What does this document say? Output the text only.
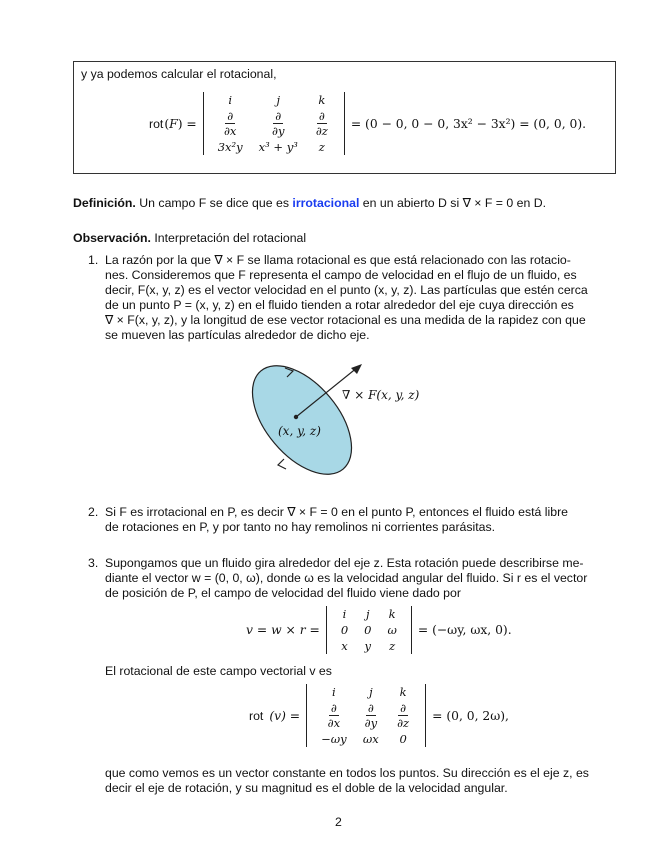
y ya podemos calcular el rotacional,
rot (F) =
i	j	k

$\frac{\partial}{\partial x}$	$\frac{\partial}{\partial y}$	$\frac{\partial}{\partial z}$

3x²y	x³ + y³	z
= (0 − 0, 0 − 0, 3x² − 3x²) = (0, 0, 0).
Definición. Un campo F se dice que es irrotacional en un abierto D si ∇ × F = 0 en D.
Observación. Interpretación del rotacional
1. La razón por la que ∇ × F se llama rotacional es que está relacionado con las rotacio-
nes. Consideremos que F representa el campo de velocidad en el flujo de un fluido, es
decir, F(x, y, z) es el vector velocidad en el punto (x, y, z). Las partículas que estén cerca
de un punto P = (x, y, z) en el fluido tienden a rotar alrededor del eje cuya dirección es
∇ × F(x, y, z), y la longitud de ese vector rotacional es una medida de la rapidez con que
se mueven las partículas alrededor de dicho eje.
∇ × F(x, y, z)
(x, y, z)
2. Si F es irrotacional en P, es decir ∇ × F = 0 en el punto P, entonces el fluido está libre
de rotaciones en P, y por tanto no hay remolinos ni corrientes parásitas.
3. Supongamos que un fluido gira alrededor del eje z. Esta rotación puede describirse me-
diante el vector w = (0, 0, ω), donde ω es la velocidad angular del fluido. Si r es el vector
de posición de P, el campo de velocidad del fluido viene dado por
v = w × r =
i	j	k
0	0	ω
x	y	z
= (−ωy, ωx, 0).
El rotacional de este campo vectorial v es
rot (v) =
i	j	k

$\frac{\partial}{\partial x}$	$\frac{\partial}{\partial y}$	$\frac{\partial}{\partial z}$

−ωy	ωx	0
= (0, 0, 2ω),
que como vemos es un vector constante en todos los puntos. Su dirección es el eje z, es
decir el eje de rotación, y su magnitud es el doble de la velocidad angular.
2
